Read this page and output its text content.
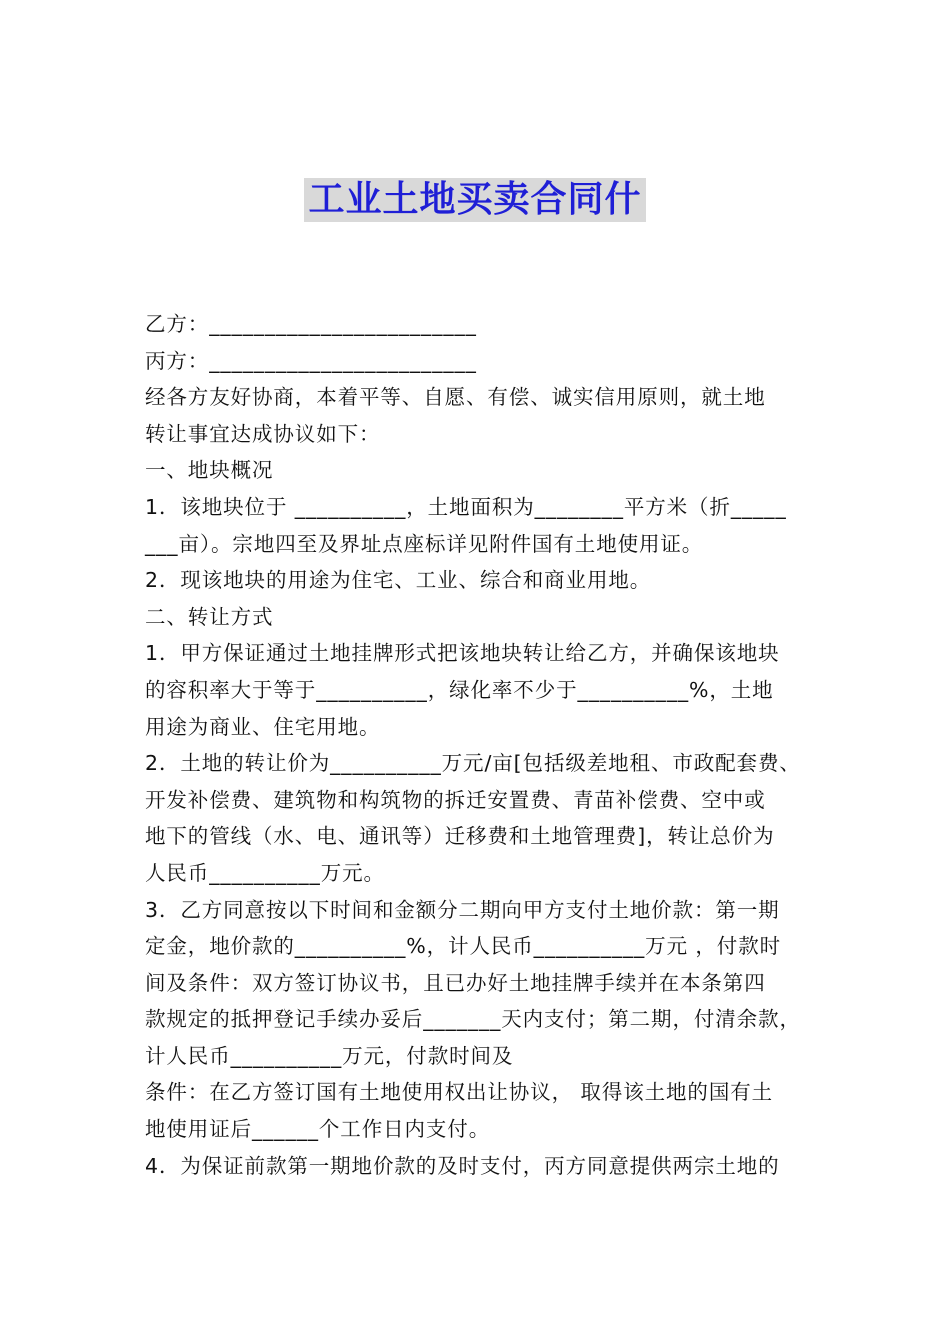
工业土地买卖合同什
乙方：________________________
丙方：________________________
经各方友好协商，本着平等、自愿、有偿、诚实信用原则，就土地
转让事宜达成协议如下：
一、地块概况
1．该地块位于 __________，土地面积为________平方米（折_____
___亩）。宗地四至及界址点座标详见附件国有土地使用证。
2．现该地块的用途为住宅、工业、综合和商业用地。
二、转让方式
1．甲方保证通过土地挂牌形式把该地块转让给乙方，并确保该地块
的容积率大于等于__________，绿化率不少于__________%，土地
用途为商业、住宅用地。
2．土地的转让价为__________万元/亩[包括级差地租、市政配套费、
开发补偿费、建筑物和构筑物的拆迁安置费、青苗补偿费、空中或
地下的管线（水、电、通讯等）迁移费和土地管理费]，转让总价为
人民币__________万元。
3．乙方同意按以下时间和金额分二期向甲方支付土地价款：第一期
定金，地价款的__________%，计人民币__________万元 ，付款时
间及条件：双方签订协议书，且已办好土地挂牌手续并在本条第四
款规定的抵押登记手续办妥后_______天内支付；第二期，付清余款，
计人民币__________万元，付款时间及
条件：在乙方签订国有土地使用权出让协议， 取得该土地的国有土
地使用证后______个工作日内支付。
4．为保证前款第一期地价款的及时支付，丙方同意提供两宗土地的
